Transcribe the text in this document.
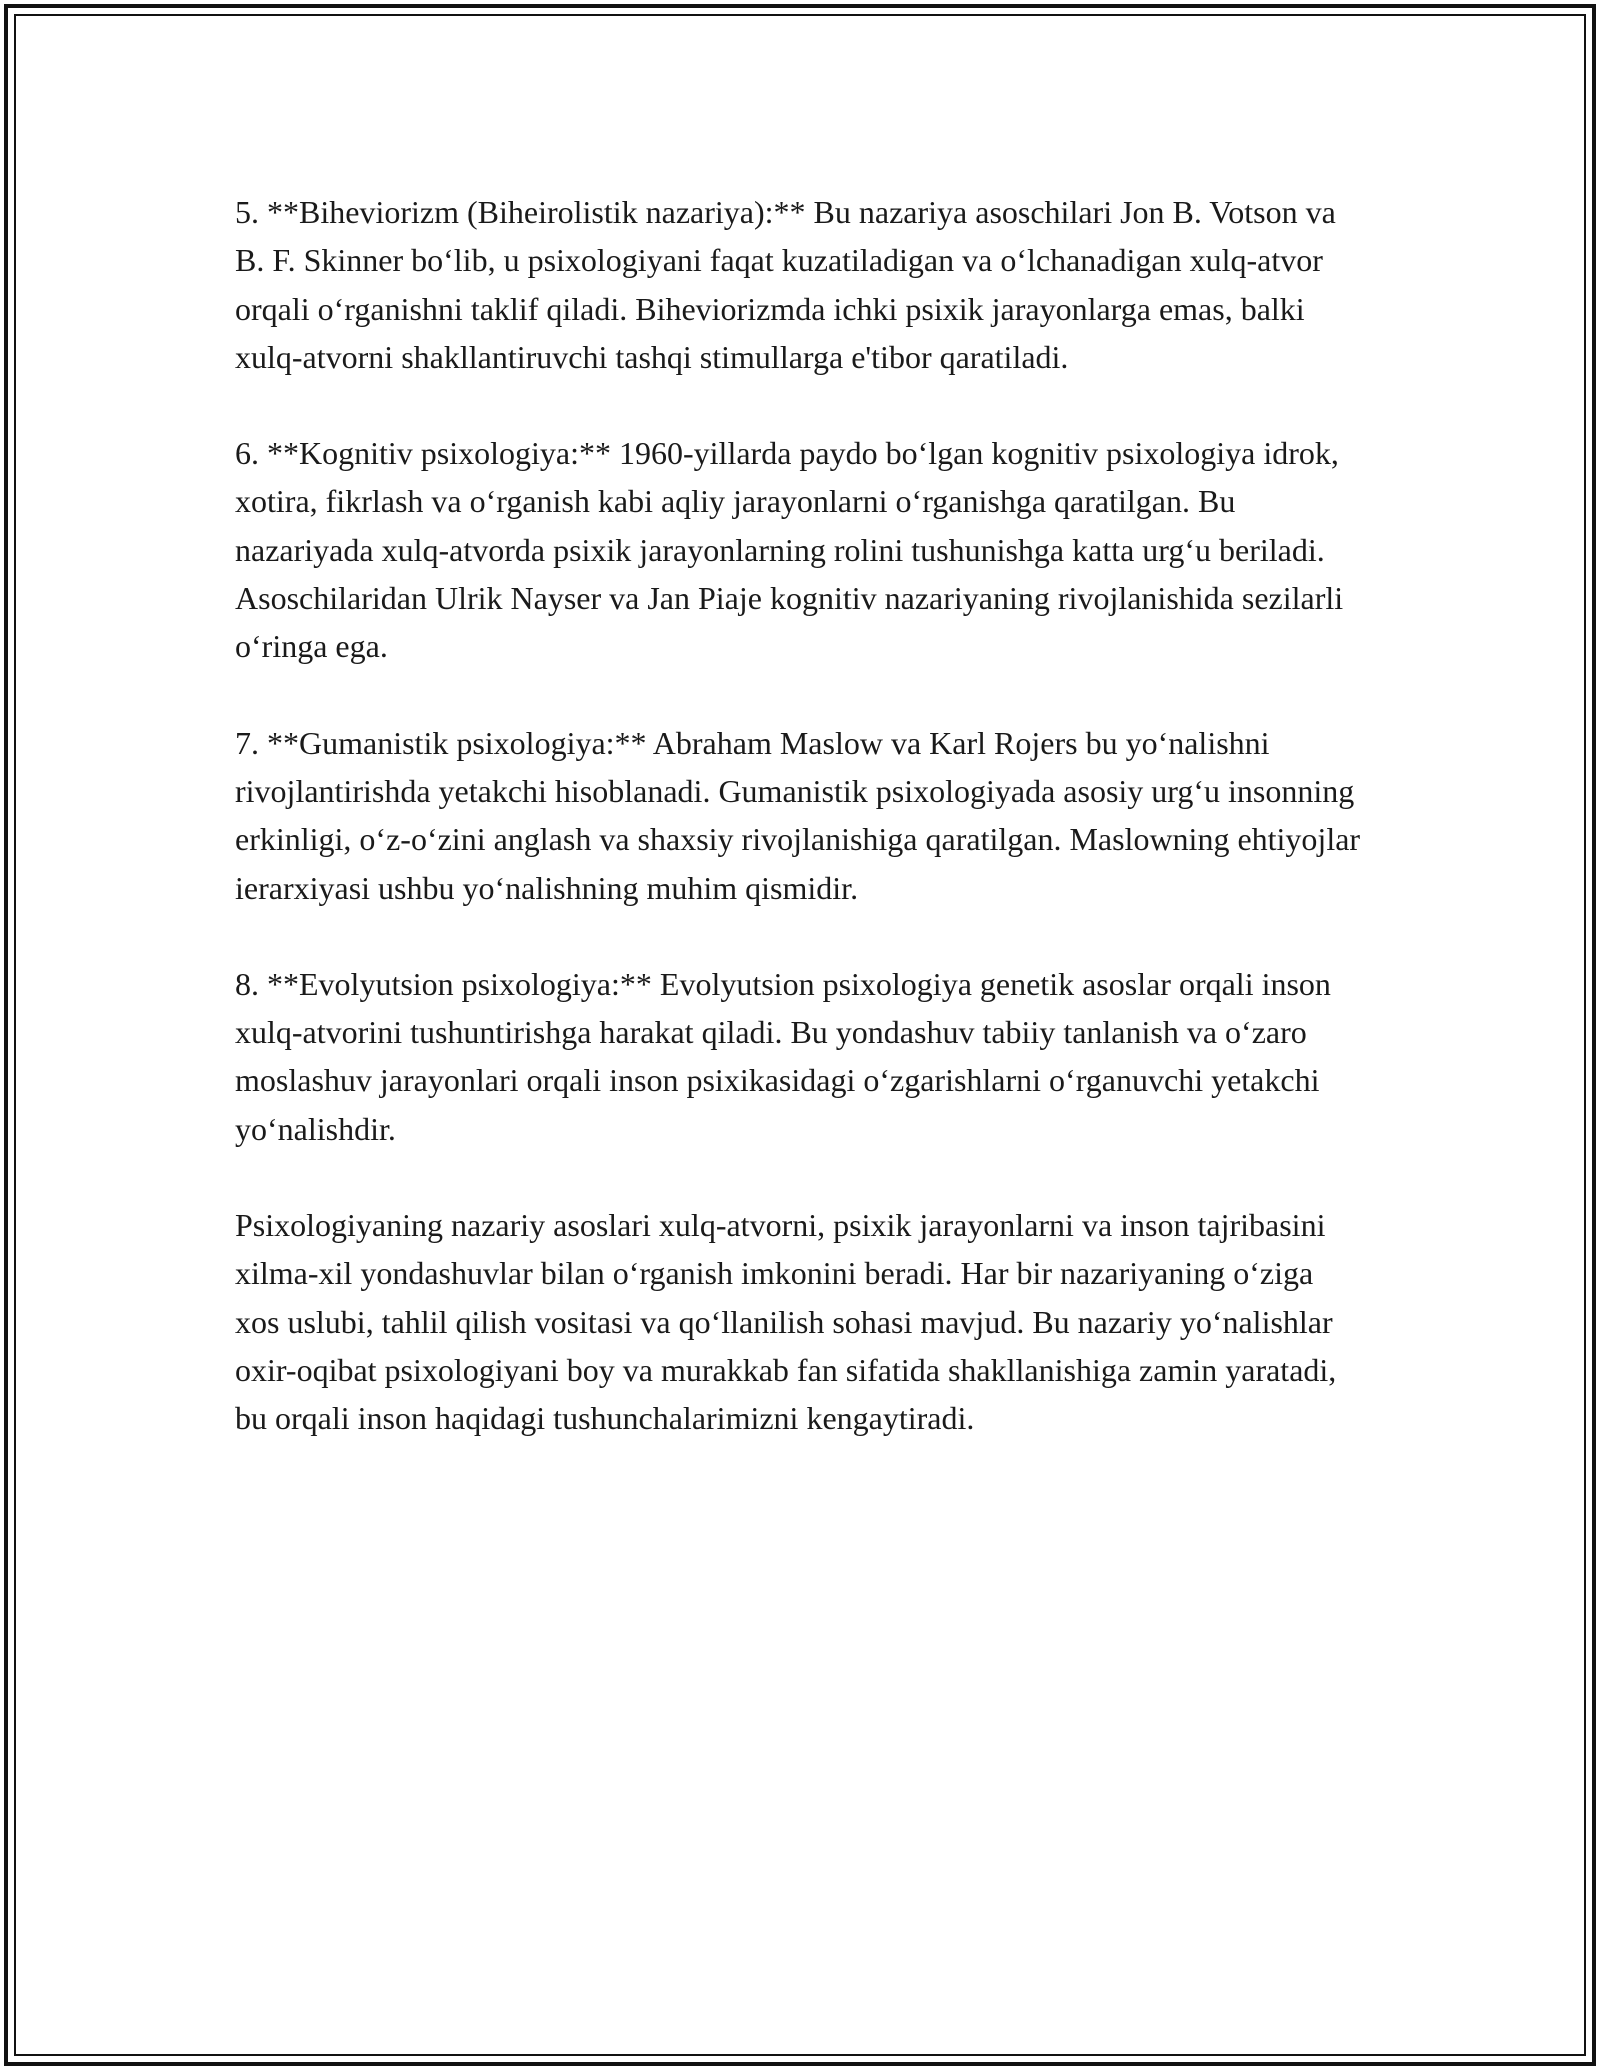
5. **Biheviorizm (Biheirolistik nazariya):** Bu nazariya asoschilari Jon B. Votson va B. F. Skinner bo‘lib, u psixologiyani faqat kuzatiladigan va o‘lchanadigan xulq-atvor orqali o‘rganishni taklif qiladi. Biheviorizmda ichki psixik jarayonlarga emas, balki xulq-atvorni shakllantiruvchi tashqi stimullarga e'tibor qaratiladi.

6. **Kognitiv psixologiya:** 1960-yillarda paydo bo‘lgan kognitiv psixologiya idrok, xotira, fikrlash va o‘rganish kabi aqliy jarayonlarni o‘rganishga qaratilgan. Bu nazariyada xulq-atvorda psixik jarayonlarning rolini tushunishga katta urg‘u beriladi. Asoschilaridan Ulrik Nayser va Jan Piaje kognitiv nazariyaning rivojlanishida sezilarli o‘ringa ega.

7. **Gumanistik psixologiya:** Abraham Maslow va Karl Rojers bu yo‘nalishni rivojlantirishda yetakchi hisoblanadi. Gumanistik psixologiyada asosiy urg‘u insonning erkinligi, o‘z-o‘zini anglash va shaxsiy rivojlanishiga qaratilgan. Maslowning ehtiyojlar ierarxiyasi ushbu yo‘nalishning muhim qismidir.

8. **Evolyutsion psixologiya:** Evolyutsion psixologiya genetik asoslar orqali inson xulq-atvorini tushuntirishga harakat qiladi. Bu yondashuv tabiiy tanlanish va o‘zaro moslashuv jarayonlari orqali inson psixikasidagi o‘zgarishlarni o‘rganuvchi yetakchi yo‘nalishdir.

Psixologiyaning nazariy asoslari xulq-atvorni, psixik jarayonlarni va inson tajribasini xilma-xil yondashuvlar bilan o‘rganish imkonini beradi. Har bir nazariyaning o‘ziga xos uslubi, tahlil qilish vositasi va qo‘llanilish sohasi mavjud. Bu nazariy yo‘nalishlar oxir-oqibat psixologiyani boy va murakkab fan sifatida shakllanishiga zamin yaratadi, bu orqali inson haqidagi tushunchalarimizni kengaytiradi.
